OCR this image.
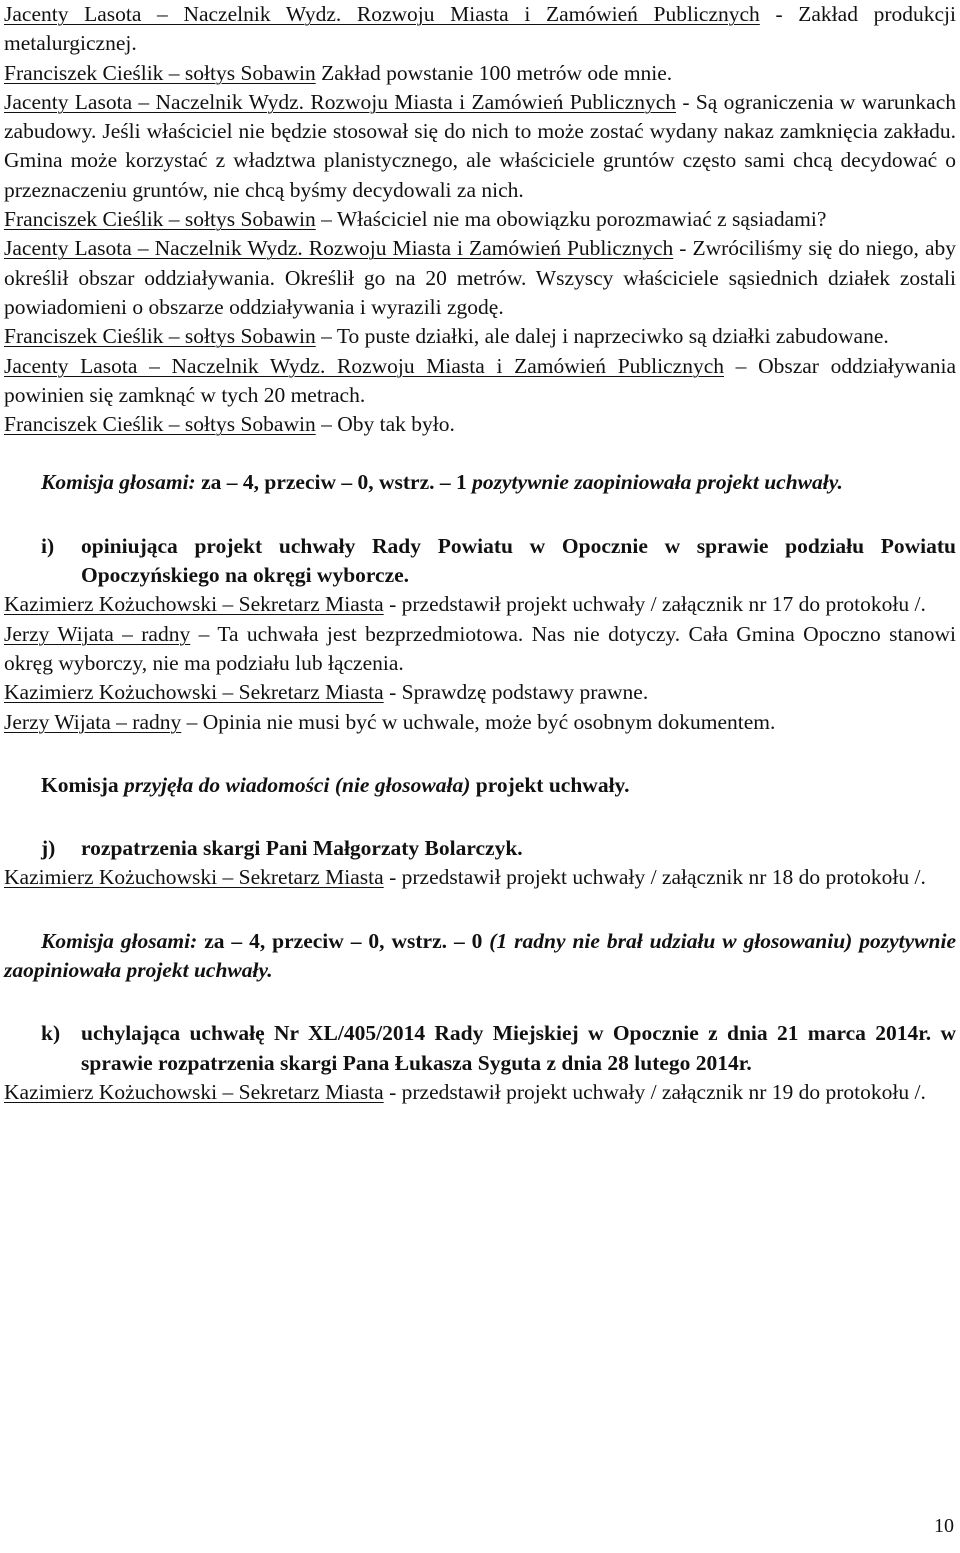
Jacenty Lasota – Naczelnik Wydz. Rozwoju Miasta i Zamówień Publicznych - Zakład produkcji metalurgicznej.

Franciszek Cieślik – sołtys Sobawin Zakład powstanie 100 metrów ode mnie.

Jacenty Lasota – Naczelnik Wydz. Rozwoju Miasta i Zamówień Publicznych - Są ograniczenia w warunkach zabudowy. Jeśli właściciel nie będzie stosował się do nich to może zostać wydany nakaz zamknięcia zakładu. Gmina może korzystać z władztwa planistycznego, ale właściciele gruntów często sami chcą decydować o przeznaczeniu gruntów, nie chcą byśmy decydowali za nich.

Franciszek Cieślik – sołtys Sobawin – Właściciel nie ma obowiązku porozmawiać z sąsiadami?

Jacenty Lasota – Naczelnik Wydz. Rozwoju Miasta i Zamówień Publicznych - Zwróciliśmy się do niego, aby określił obszar oddziaływania. Określił go na 20 metrów. Wszyscy właściciele sąsiednich działek zostali powiadomieni o obszarze oddziaływania i wyrazili zgodę.

Franciszek Cieślik – sołtys Sobawin – To puste działki, ale dalej i naprzeciwko są działki zabudowane.

Jacenty Lasota – Naczelnik Wydz. Rozwoju Miasta i Zamówień Publicznych – Obszar oddziaływania powinien się zamknąć w tych 20 metrach.

Franciszek Cieślik – sołtys Sobawin – Oby tak było.

Komisja głosami: za – 4, przeciw – 0, wstrz. – 1 pozytywnie zaopiniowała projekt uchwały.

i)	opiniująca projekt uchwały Rady Powiatu w Opocznie w sprawie podziału Powiatu Opoczyńskiego na okręgi wyborcze.

Kazimierz Kożuchowski – Sekretarz Miasta - przedstawił projekt uchwały / załącznik nr 17 do protokołu /.

Jerzy Wijata – radny – Ta uchwała jest bezprzedmiotowa. Nas nie dotyczy. Cała Gmina Opoczno stanowi okręg wyborczy, nie ma podziału lub łączenia.

Kazimierz Kożuchowski – Sekretarz Miasta - Sprawdzę podstawy prawne.

Jerzy Wijata – radny – Opinia nie musi być w uchwale, może być osobnym dokumentem.

Komisja przyjęła do wiadomości (nie głosowała) projekt uchwały.

j)	rozpatrzenia skargi Pani Małgorzaty Bolarczyk.

Kazimierz Kożuchowski – Sekretarz Miasta - przedstawił projekt uchwały / załącznik nr 18 do protokołu /.

Komisja głosami: za – 4, przeciw – 0, wstrz. – 0 (1 radny nie brał udziału w głosowaniu) pozytywnie zaopiniowała projekt uchwały.

k) uchylająca uchwałę Nr XL/405/2014 Rady Miejskiej w Opocznie z dnia 21 marca 2014r. w sprawie rozpatrzenia skargi Pana Łukasza Syguta z dnia 28 lutego 2014r.

Kazimierz Kożuchowski – Sekretarz Miasta - przedstawił projekt uchwały / załącznik nr 19 do protokołu /.

10
